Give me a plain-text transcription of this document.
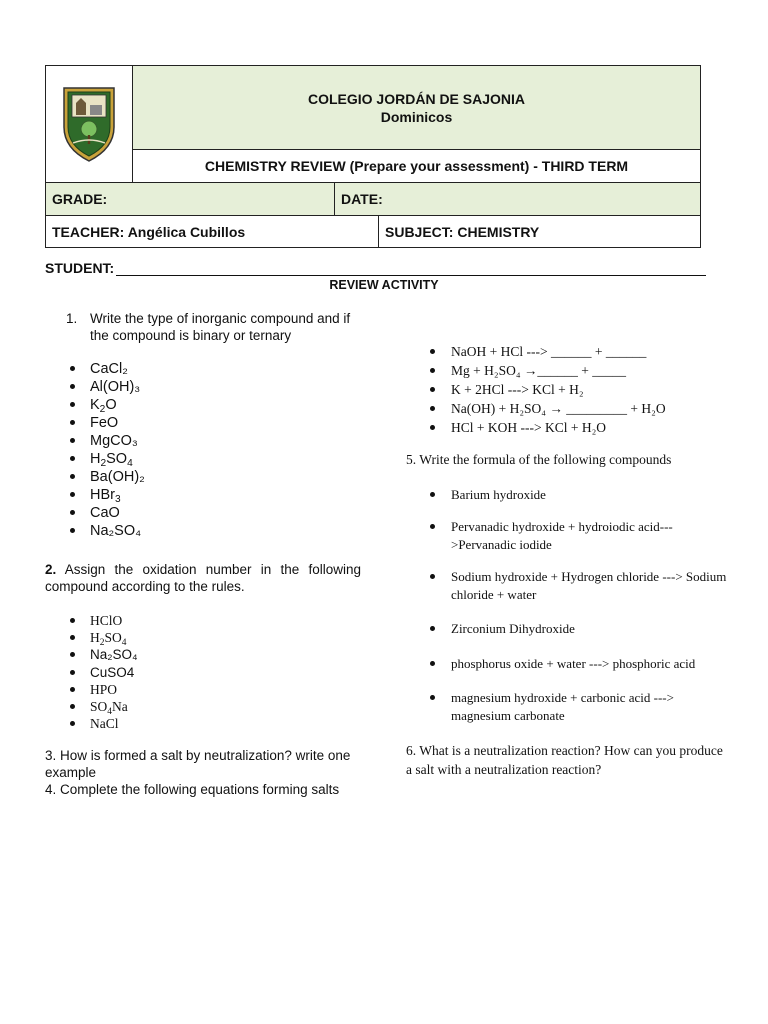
COLEGIO JORDÁN DE SAJONIA
Dominicos
CHEMISTRY REVIEW (Prepare your assessment) - THIRD TERM
GRADE:	DATE:
TEACHER: Angélica Cubillos	SUBJECT: CHEMISTRY
STUDENT:
REVIEW ACTIVITY
1. Write the type of inorganic compound and if the compound is binary or ternary
CaCl₂
Al(OH)₃
$K_2O$
FeO
MgCO₃
$H_2SO_4$
Ba(OH)₂
HBr$_3$
CaO
Na₂SO₄
2. Assign the oxidation number in the following compound according to the rules.
HClO
$H_2SO_4$
Na₂SO₄
CuSO4
HPO
$SO_4Na$
NaCl
3. How is formed a salt by neutralization? write one example
4. Complete the following equations forming salts
NaOH + HCl ---> ______ + ______
Mg + H₂SO₄ →______ + _____
K + 2HCl ---> KCl + H₂
Na(OH) + H₂SO₄ → _________ + H₂O
HCl + KOH ---> KCl + H₂O
5. Write the formula of the following compounds
Barium hydroxide
Pervanadic hydroxide + hydroiodic acid--->Pervanadic iodide
Sodium hydroxide + Hydrogen chloride ---> Sodium chloride + water
Zirconium Dihydroxide
phosphorus oxide + water ---> phosphoric acid
magnesium hydroxide + carbonic acid ---> magnesium carbonate
6. What is a neutralization reaction? How can you produce a salt with a neutralization reaction?
